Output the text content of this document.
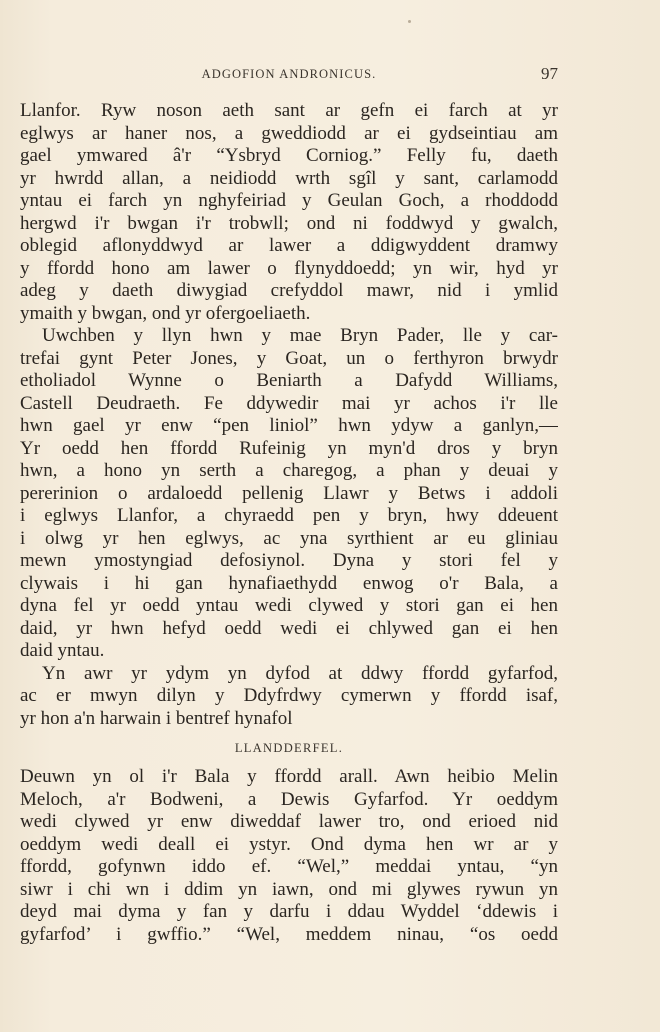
ADGOFION ANDRONICUS.	97
Llanfor. Ryw noson aeth sant ar gefn ei farch at yr
eglwys ar haner nos, a gweddiodd ar ei gydseintiau am
gael ymwared â'r “Ysbryd Corniog.” Felly fu, daeth
yr hwrdd allan, a neidiodd wrth sgîl y sant, carlamodd
yntau ei farch yn nghyfeiriad y Geulan Goch, a rhoddodd
hergwd i'r bwgan i'r trobwll; ond ni foddwyd y gwalch,
oblegid aflonyddwyd ar lawer a ddigwyddent dramwy
y ffordd hono am lawer o flynyddoedd; yn wir, hyd yr
adeg y daeth diwygiad crefyddol mawr, nid i ymlid
ymaith y bwgan, ond yr ofergoeliaeth.
Uwchben y llyn hwn y mae Bryn Pader, lle y car-
trefai gynt Peter Jones, y Goat, un o ferthyron brwydr
etholiadol Wynne o Beniarth a Dafydd Williams,
Castell Deudraeth. Fe ddywedir mai yr achos i'r lle
hwn gael yr enw “pen liniol” hwn ydyw a ganlyn,—
Yr oedd hen ffordd Rufeinig yn myn'd dros y bryn
hwn, a hono yn serth a charegog, a phan y deuai y
pererinion o ardaloedd pellenig Llawr y Betws i addoli
i eglwys Llanfor, a chyraedd pen y bryn, hwy ddeuent
i olwg yr hen eglwys, ac yna syrthient ar eu gliniau
mewn ymostyngiad defosiynol. Dyna y stori fel y
clywais i hi gan hynafiaethydd enwog o'r Bala, a
dyna fel yr oedd yntau wedi clywed y stori gan ei hen
daid, yr hwn hefyd oedd wedi ei chlywed gan ei hen
daid yntau.
Yn awr yr ydym yn dyfod at ddwy ffordd gyfarfod,
ac er mwyn dilyn y Ddyfrdwy cymerwn y ffordd isaf,
yr hon a'n harwain i bentref hynafol
LLANDDERFEL.
Deuwn yn ol i'r Bala y ffordd arall. Awn heibio Melin
Meloch, a'r Bodweni, a Dewis Gyfarfod. Yr oeddym
wedi clywed yr enw diweddaf lawer tro, ond erioed nid
oeddym wedi deall ei ystyr. Ond dyma hen wr ar y
ffordd, gofynwn iddo ef. “Wel,” meddai yntau, “yn
siwr i chi wn i ddim yn iawn, ond mi glywes rywun yn
deyd mai dyma y fan y darfu i ddau Wyddel ‘ddewis i
gyfarfod’ i gwffio.” “Wel, meddem ninau, “os oedd
